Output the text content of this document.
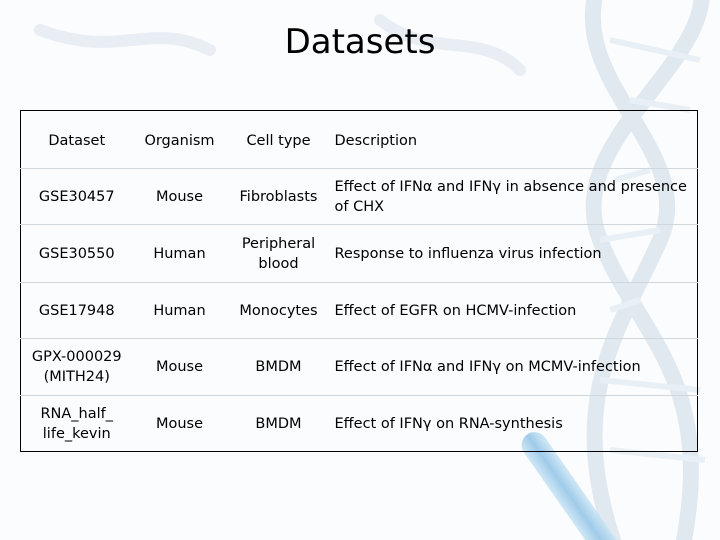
Datasets
Dataset	Organism	Cell type	Description
GSE30457	Mouse	Fibroblasts	Effect of IFNα and IFNγ in absence and presence of CHX
GSE30550	Human	Peripheral blood	Response to influenza virus infection
GSE17948	Human	Monocytes	Effect of EGFR on HCMV-infection
GPX-000029 (MITH24)	Mouse	BMDM	Effect of IFNα and IFNγ on MCMV-infection
RNA_half_ life_kevin	Mouse	BMDM	Effect of IFNγ on RNA-synthesis
